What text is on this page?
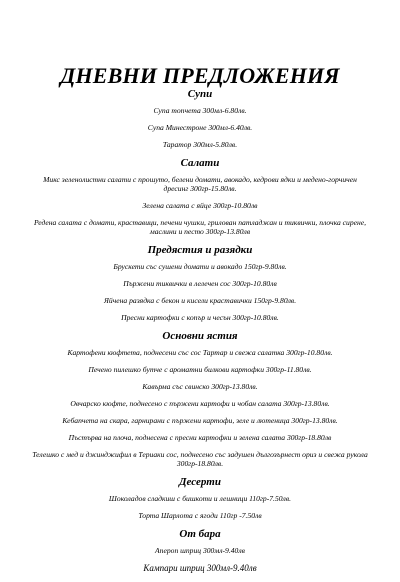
ДНЕВНИ ПРЕДЛОЖЕНИЯ
Супи
Супа топчета 300мл-6.80лв.
Супа Минестроне 300мл-6.40лв.
Таратор 300мл-5.80лв.
Салати
Микс зеленолистни салати с прошуто, белени домати, авокадо, кедрови ядки и медено-горчичен дресинг 300гр-15.80лв.
Зелена салата с яйце 300гр-10.80лв
Редена салата с домати, краставици, печени чушки, грилован патладжан и тиквички, плочка сирене, маслини и песто 300гр-13.80лв
Предястия и разядки
Брускети със сушени домати и авокадо 150гр-9.80лв.
Пържени тиквички в лелечен сос 300гр-10.80лв
Яйчена разядка с бекон и кисели краставички 150гр-9.80лв.
Пресни картофки с копър и чесън 300гр-10.80лв.
Основни ястия
Картофени кюфтета, поднесени със сос Тартар и свежа салатка 300гр-10.80лв.
Печено пилешко бутче с ароматни билкови картофки 300гр-11.80лв.
Кавърма със свинско 300гр-13.80лв.
Овчарско кюфте, поднесено с пържени картофи и чобан салата 300гр-13.80лв.
Кебапчета на скара, гарнирани с пържени картофи, зеле и лютеница 300гр-13.80лв.
Пъстърва на плоча, поднесена с пресни картофки и зелена салата 300гр-18.80лв
Телешко с мед и джинджифил в Териаки сос, поднесено със задушен дългозърнест ориз и свежа рукола 300гр-18.80лв.
Десерти
Шоколадов сладкиш с бишкоти и лешници 110гр-7.50лв.
Торта Шарлота с ягоди 110гр -7.50лв
От бара
Апероп шприц 300мл-9.40лв
Кампари шприц 300мл-9.40лв
